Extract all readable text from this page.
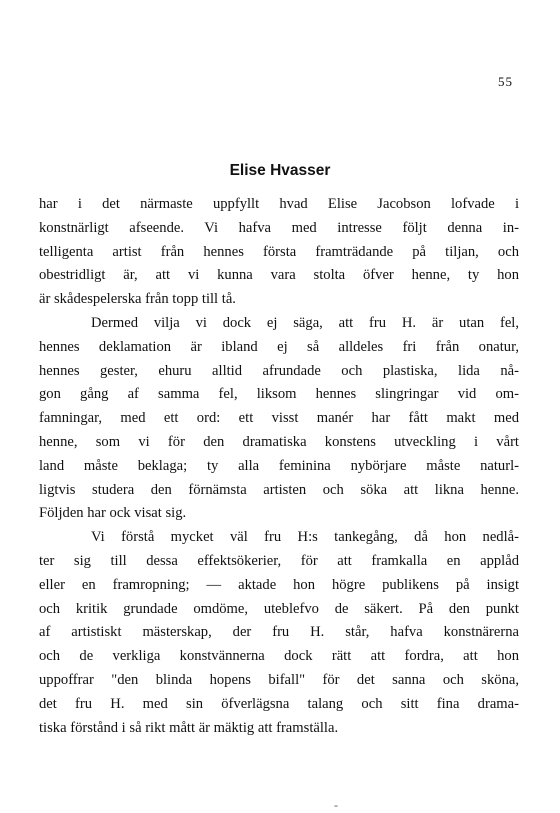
55
Elise Hvasser
har i det närmaste uppfyllt hvad Elise Jacobson lofvade i
konstnärligt afseende. Vi hafva med intresse följt denna in-
telligenta artist från hennes första framträdande på tiljan, och
obestridligt är, att vi kunna vara stolta öfver henne, ty hon
är skådespelerska från topp till tå.
Dermed vilja vi dock ej säga, att fru H. är utan fel,
hennes deklamation är ibland ej så alldeles fri från onatur,
hennes gester, ehuru alltid afrundade och plastiska, lida nå-
gon gång af samma fel, liksom hennes slingringar vid om-
famningar, med ett ord: ett visst manér har fått makt med
henne, som vi för den dramatiska konstens utveckling i vårt
land måste beklaga; ty alla feminina nybörjare måste naturl-
ligtvis studera den förnämsta artisten och söka att likna henne.
Följden har ock visat sig.
Vi förstå mycket väl fru H:s tankegång, då hon nedlå-
ter sig till dessa effektsökerier, för att framkalla en applåd
eller en framropning; — aktade hon högre publikens på insigt
och kritik grundade omdöme, uteblefvo de säkert. På den punkt
af artistiskt mästerskap, der fru H. står, hafva konstnärerna
och de verkliga konstvännerna dock rätt att fordra, att hon
uppoffrar "den blinda hopens bifall" för det sanna och sköna,
det fru H. med sin öfverlägsna talang och sitt fina drama-
tiska förstånd i så rikt mått är mäktig att framställa.
-
